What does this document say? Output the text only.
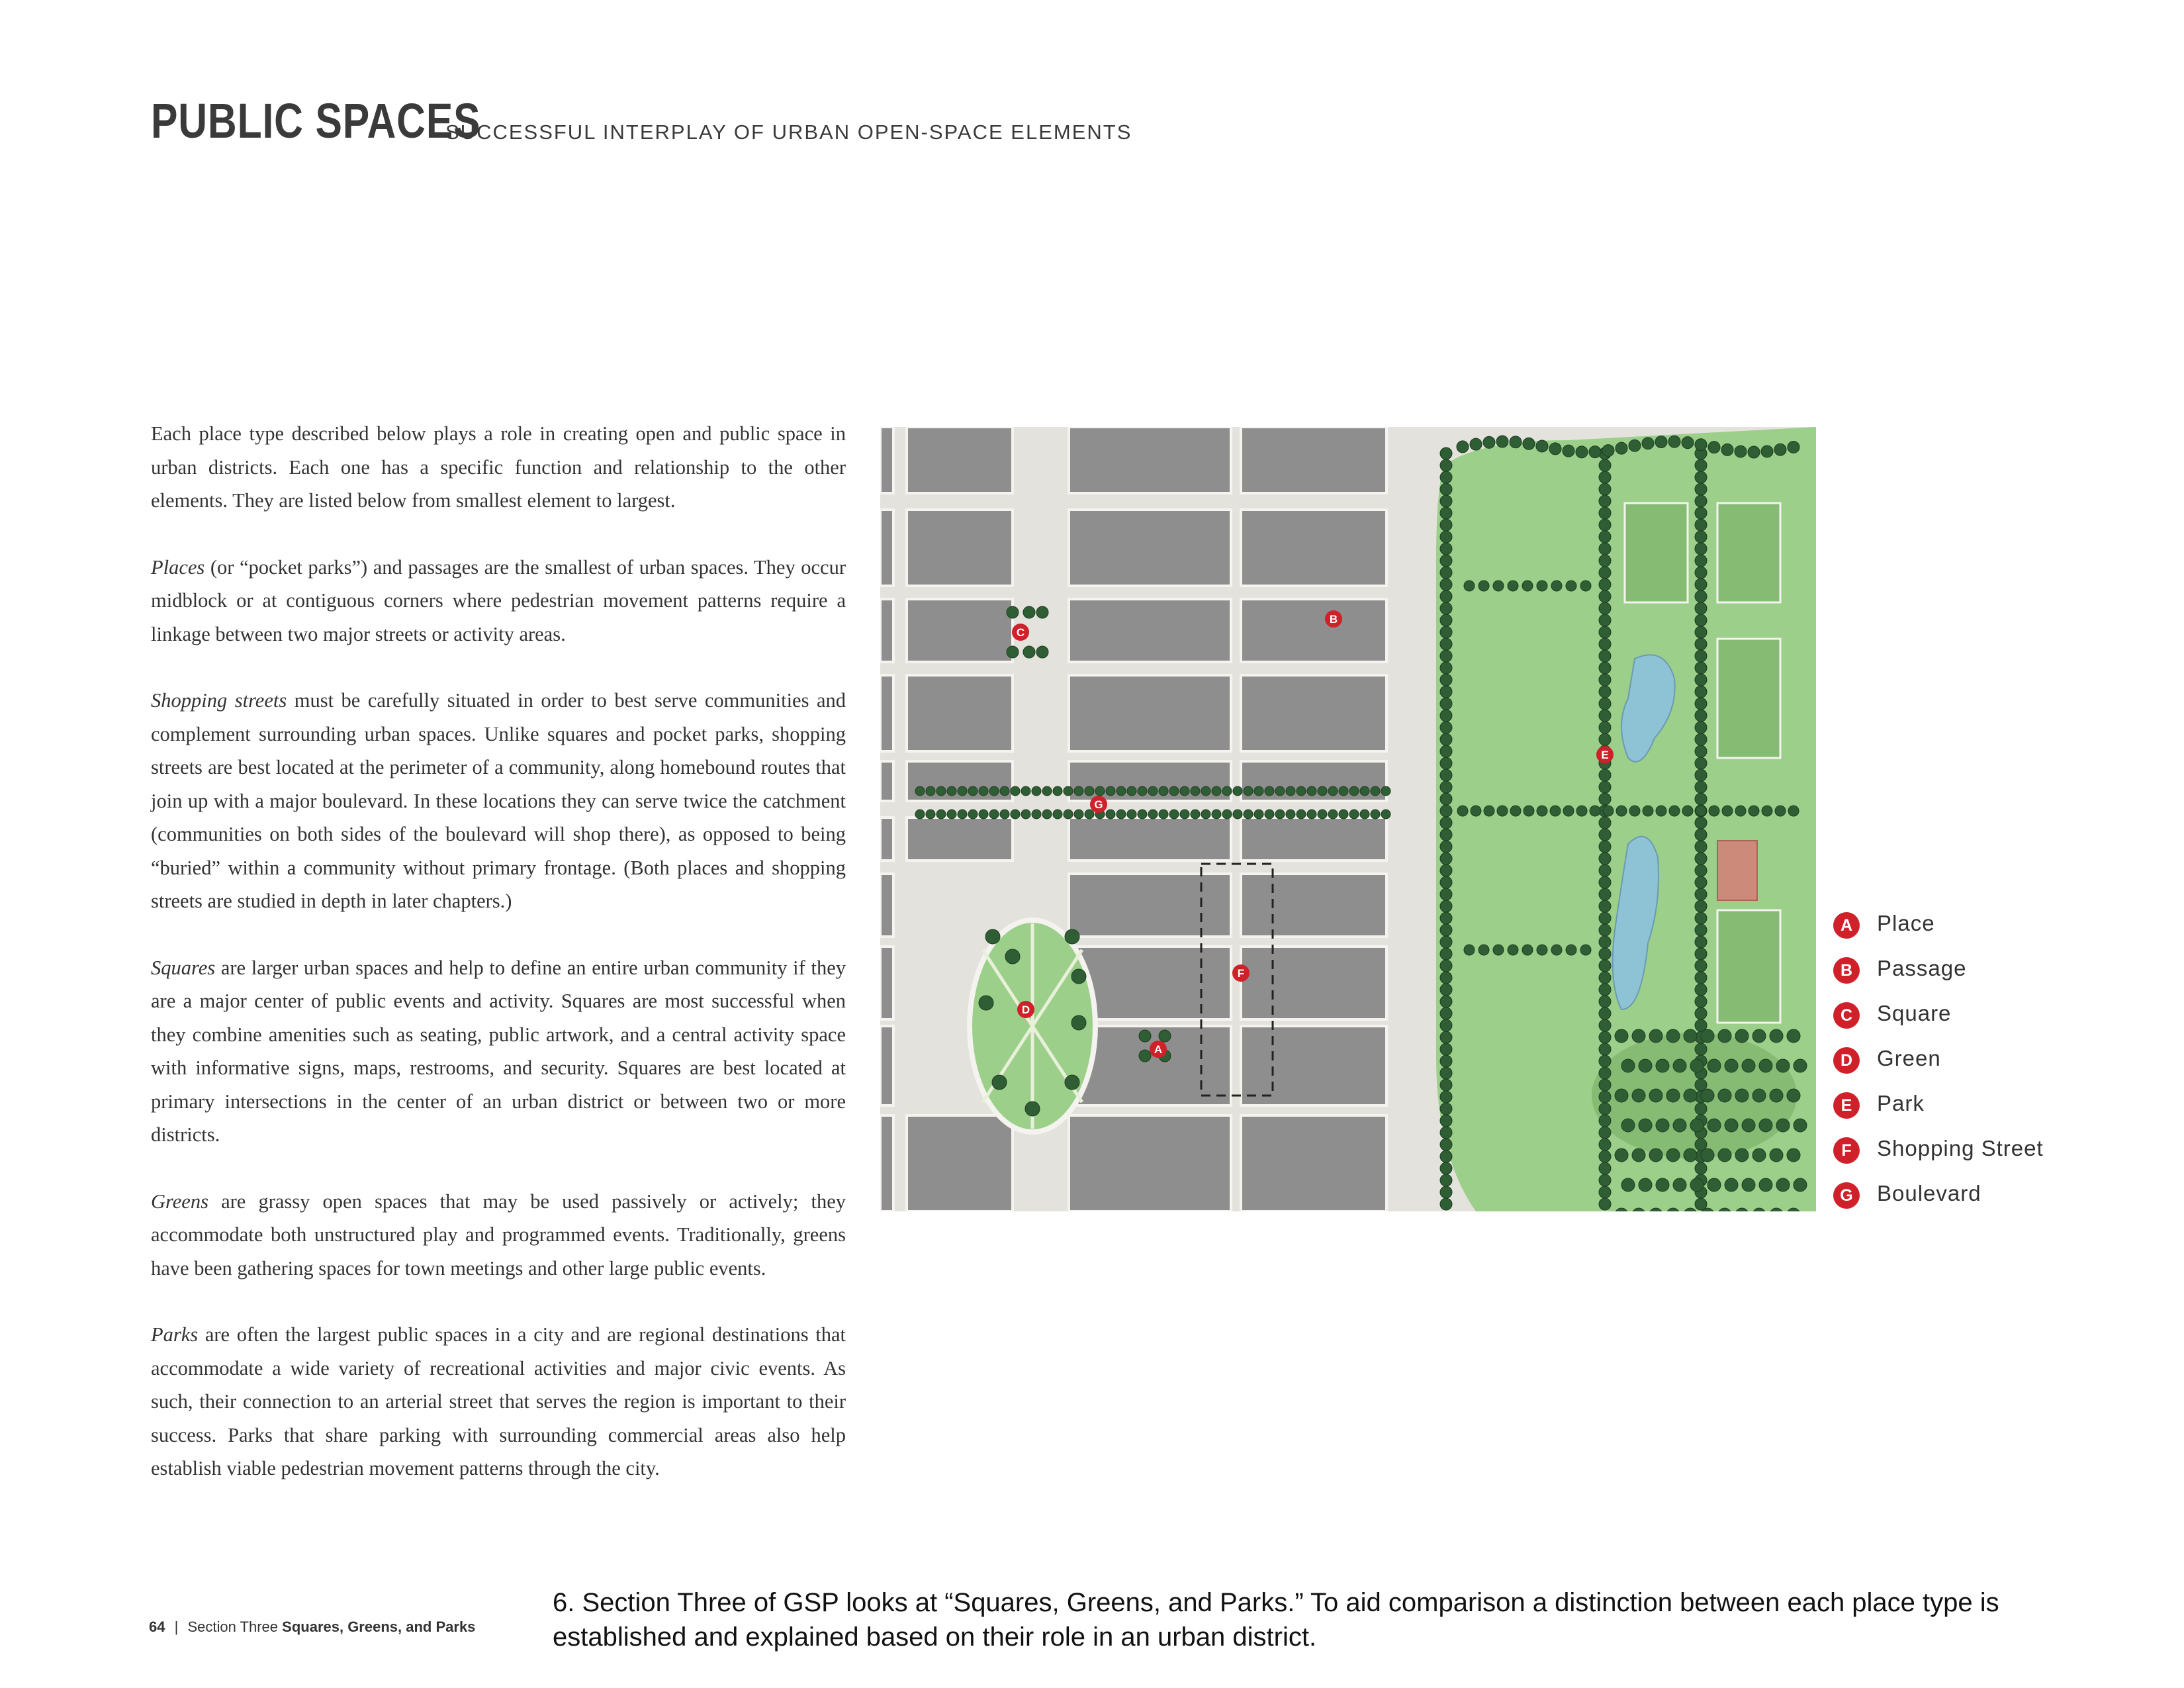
PUBLIC SPACES
SUCCESSFUL INTERPLAY OF URBAN OPEN-SPACE ELEMENTS

Each place type described below plays a role in creating open and public space in urban districts. Each one has a specific function and relationship to the other elements. They are listed below from smallest element to largest.

Places (or “pocket parks”) and passages are the smallest of urban spaces. They occur midblock or at contiguous corners where pedestrian movement patterns require a linkage between two major streets or activity areas.

Shopping streets must be carefully situated in order to best serve communities and complement surrounding urban spaces. Unlike squares and pocket parks, shopping streets are best located at the perimeter of a community, along homebound routes that join up with a major boulevard. In these locations they can serve twice the catchment (communities on both sides of the boulevard will shop there), as opposed to being “buried” within a community without primary frontage. (Both places and shopping streets are studied in depth in later chapters.)

Squares are larger urban spaces and help to define an entire urban community if they are a major center of public events and activity. Squares are most successful when they combine amenities such as seating, public artwork, and a central activity space with informative signs, maps, restrooms, and security. Squares are best located at primary intersections in the center of an urban district or between two or more districts.

Greens are grassy open spaces that may be used passively or actively; they accommodate both unstructured play and programmed events. Traditionally, greens have been gathering spaces for town meetings and other large public events.

Parks are often the largest public spaces in a city and are regional destinations that accommodate a wide variety of recreational activities and major civic events. As such, their connection to an arterial street that serves the region is important to their success. Parks that share parking with surrounding commercial areas also help establish viable pedestrian movement patterns through the city.

A
B
C
D
E
F
G
A	Place
B	Passage
C	Square
D	Green
E	Park
F	Shopping Street
G	Boulevard
64 | Section Three Squares, Greens, and Parks
6. Section Three of GSP looks at “Squares, Greens, and Parks.” To aid comparison a distinction between each place type is established and explained based on their role in an urban district.
